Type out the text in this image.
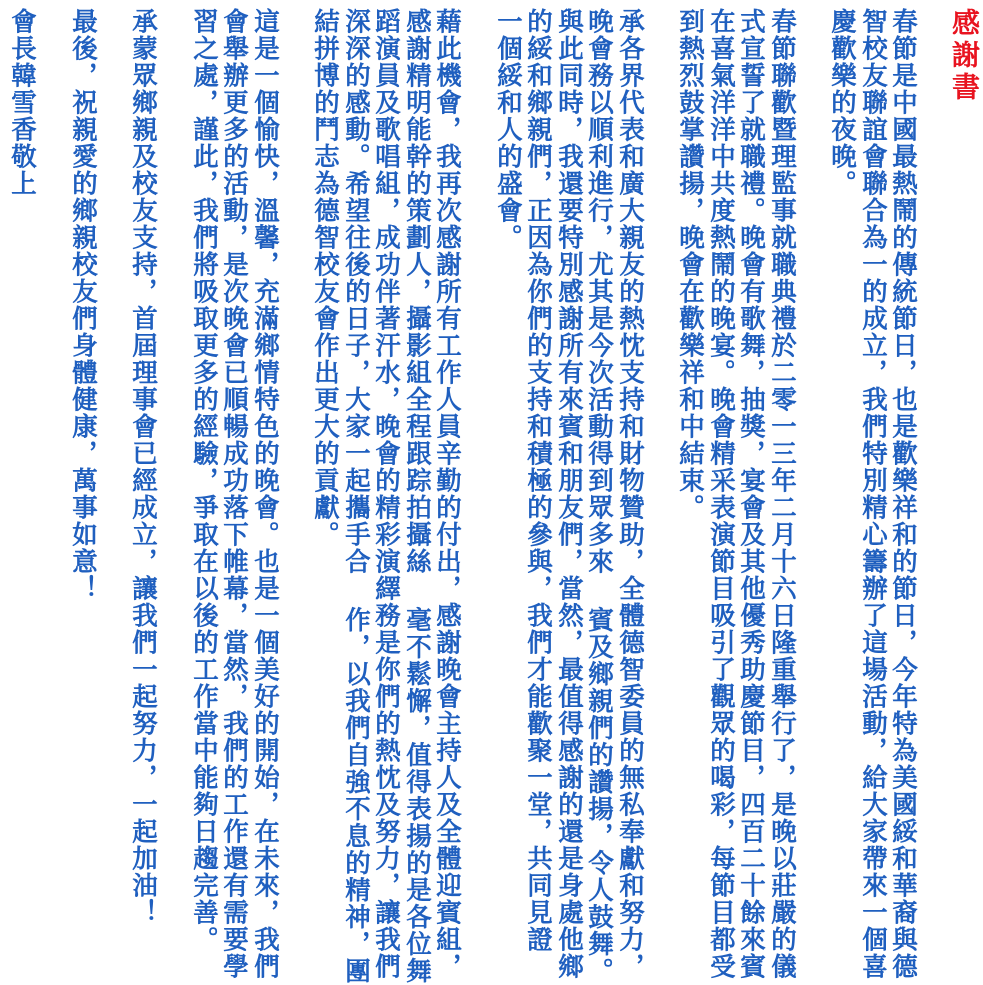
感謝書
春節是中國最熱鬧的傳統節日，也是歡樂祥和的節日，今年特為美國綏和華裔與德
智校友聯誼會聯合為一的成立，我們特別精心籌辦了這場活動，給大家帶來一個喜
慶歡樂的夜晚。
春節聯歡暨理監事就職典禮於二零一三年二月十六日隆重舉行了，是晚以莊嚴的儀
式宣誓了就職禮。晚會有歌舞，抽獎，宴會及其他優秀助慶節目，四百二十餘來賓
在喜氣洋洋中共度熱鬧的晚宴。晚會精采表演節目吸引了觀眾的喝彩，每節目都受
到熱烈鼓掌讚揚，晚會在歡樂祥和中結束。
承各界代表和廣大親友的熱忱支持和財物贊助，全體德智委員的無私奉獻和努力，
晚會務以順利進行，尤其是今次活動得到眾多來 賓及鄉親們的讚揚，令人鼓舞。
與此同時，我還要特別感謝所有來賓和朋友們，當然，最值得感謝的還是身處他鄉
的綏和鄉親們，正因為你們的支持和積極的參與，我們才能歡聚一堂，共同見證
一個綏和人的盛會。
藉此機會，我再次感謝所有工作人員辛勤的付出，感謝晚會主持人及全體迎賓組，
感謝精明能幹的策劃人，攝影組全程跟踪拍攝絲 毫不鬆懈，值得表揚的是各位舞
蹈演員及歌唱組，成功伴著汗水，晚會的精彩演繹務是你們的熱忱及努力，讓我們
深深的感動。希望往後的日子，大家一起攜手合 作，以我們自強不息的精神，團
結拼博的鬥志為德智校友會作出更大的貢獻。
這是一個愉快，溫馨，充滿鄉情特色的晚會。也是一個美好的開始，在未來，我們
會舉辦更多的活動，是次晚會已順暢成功落下帷幕，當然，我們的工作還有需要學
習之處，謹此，我們將吸取更多的經驗，爭取在以後的工作當中能夠日趨完善。
承蒙眾鄉親及校友支持，首屆理事會已經成立，讓我們一起努力，一起加油！
最後，祝親愛的鄉親校友們身體健康，萬事如意！
會長韓雪香敬上
